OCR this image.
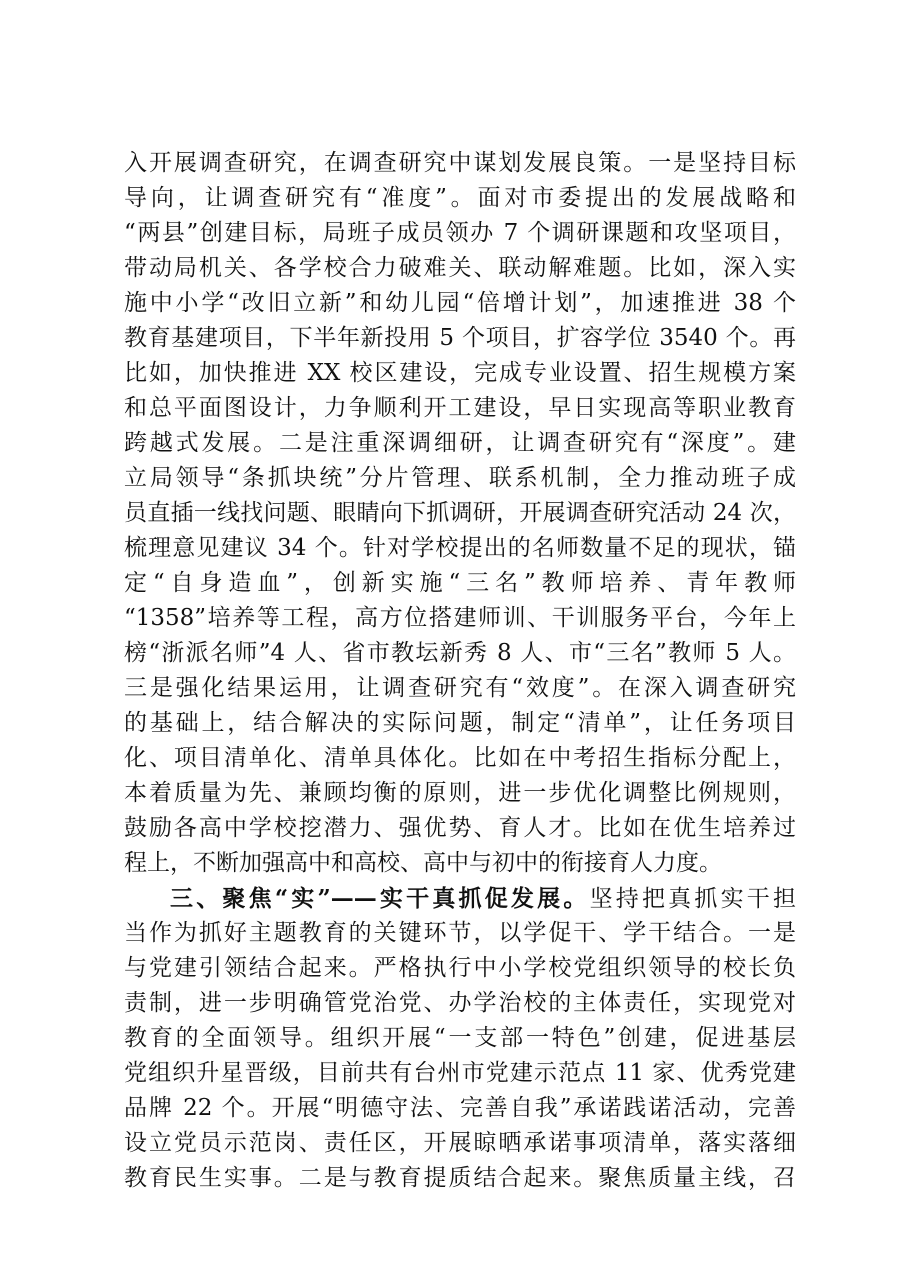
入开展调查研究，在调查研究中谋划发展良策。一是坚持目标
导向，让调查研究有“准度”。面对市委提出的发展战略和
“两县”创建目标，局班子成员领办 7 个调研课题和攻坚项目，
带动局机关、各学校合力破难关、联动解难题。比如，深入实
施中小学“改旧立新”和幼儿园“倍增计划”，加速推进 38 个
教育基建项目，下半年新投用 5 个项目，扩容学位 3540 个。再
比如，加快推进 XX 校区建设，完成专业设置、招生规模方案
和总平面图设计，力争顺利开工建设，早日实现高等职业教育
跨越式发展。二是注重深调细研，让调查研究有“深度”。建
立局领导“条抓块统”分片管理、联系机制，全力推动班子成
员直插一线找问题、眼睛向下抓调研，开展调查研究活动 24 次，
梳理意见建议 34 个。针对学校提出的名师数量不足的现状，锚
定“自身造血”，创新实施“三名”教师培养、青年教师
“1358”培养等工程，高方位搭建师训、干训服务平台，今年上
榜“浙派名师”4 人、省市教坛新秀 8 人、市“三名”教师 5 人。
三是强化结果运用，让调查研究有“效度”。在深入调查研究
的基础上，结合解决的实际问题，制定“清单”，让任务项目
化、项目清单化、清单具体化。比如在中考招生指标分配上，
本着质量为先、兼顾均衡的原则，进一步优化调整比例规则，
鼓励各高中学校挖潜力、强优势、育人才。比如在优生培养过
程上，不断加强高中和高校、高中与初中的衔接育人力度。
三、聚焦“实”——实干真抓促发展。坚持把真抓实干担
当作为抓好主题教育的关键环节，以学促干、学干结合。一是
与党建引领结合起来。严格执行中小学校党组织领导的校长负
责制，进一步明确管党治党、办学治校的主体责任，实现党对
教育的全面领导。组织开展“一支部一特色”创建，促进基层
党组织升星晋级，目前共有台州市党建示范点 11 家、优秀党建
品牌 22 个。开展“明德守法、完善自我”承诺践诺活动，完善
设立党员示范岗、责任区，开展晾晒承诺事项清单，落实落细
教育民生实事。二是与教育提质结合起来。聚焦质量主线，召
